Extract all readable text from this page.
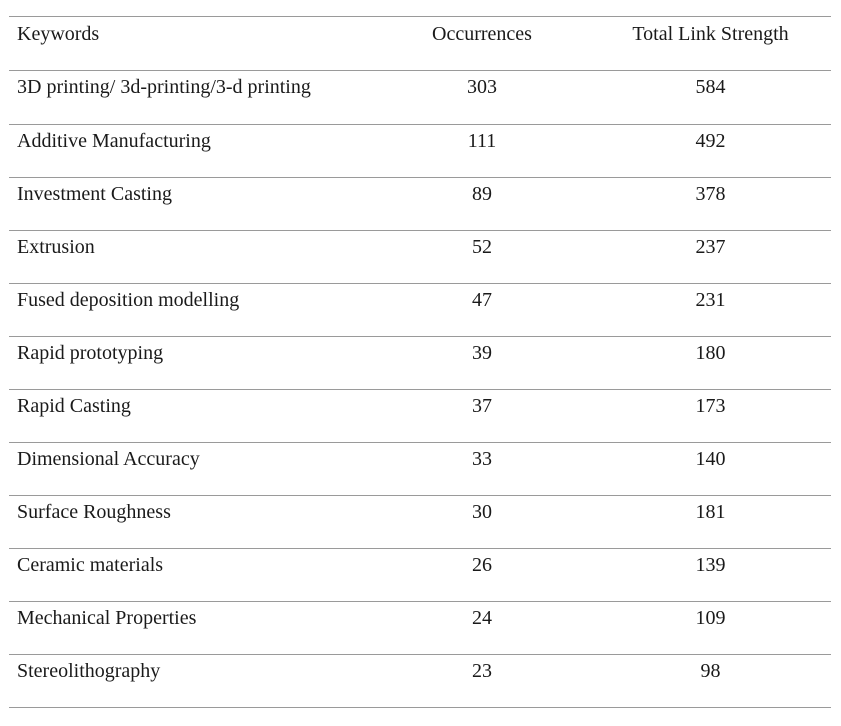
Keywords	Occurrences	Total Link Strength

3D printing/ 3d-printing/3-d printing	303	584
Additive Manufacturing	111	492
Investment Casting	89	378
Extrusion	52	237
Fused deposition modelling	47	231
Rapid prototyping	39	180
Rapid Casting	37	173
Dimensional Accuracy	33	140
Surface Roughness	30	181
Ceramic materials	26	139
Mechanical Properties	24	109
Stereolithography	23	98
